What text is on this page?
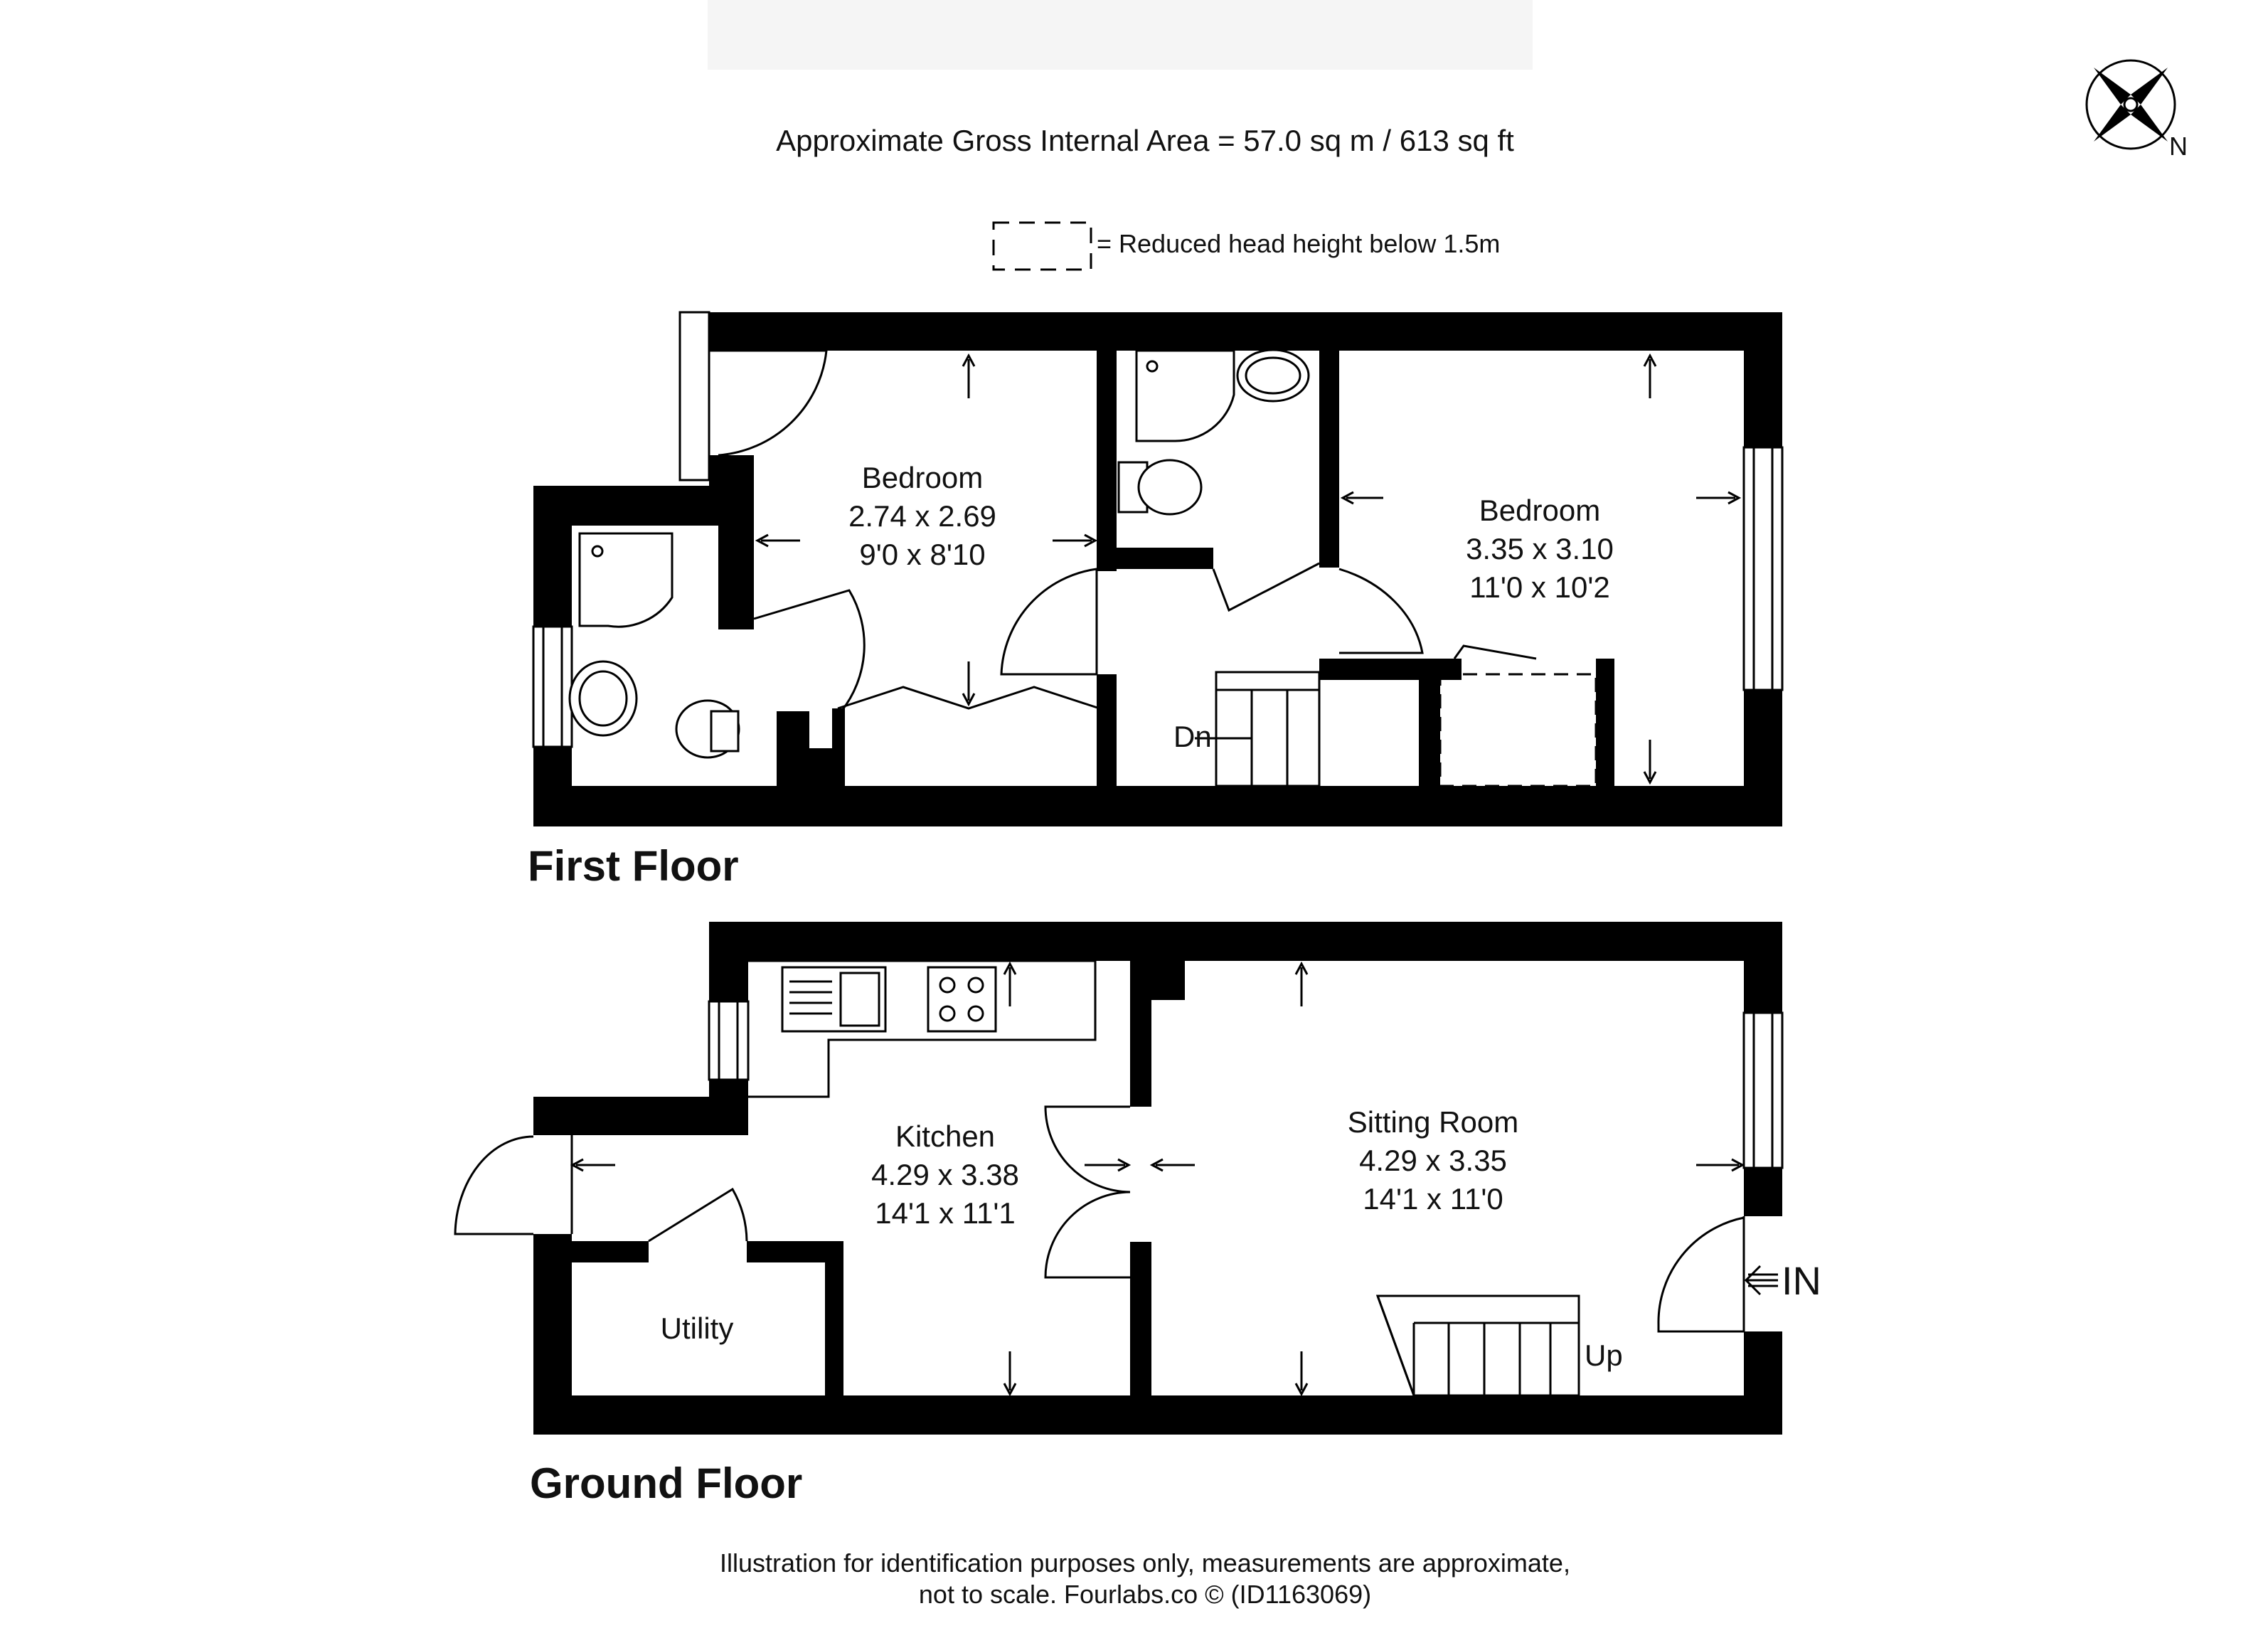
Approximate Gross Internal Area = 57.0 sq m / 613 sq ft
= Reduced head height below 1.5m
N
Dn
Bedroom
2.74 x 2.69
9'0 x 8'10
Bedroom
3.35 x 3.10
11'0 x 10'2
First Floor
Up
IN
Kitchen
4.29 x 3.38
14'1 x 11'1
Sitting Room
4.29 x 3.35
14'1 x 11'0
Utility
Ground Floor
Illustration for identification purposes only, measurements are approximate,
not to scale. Fourlabs.co © (ID1163069)
